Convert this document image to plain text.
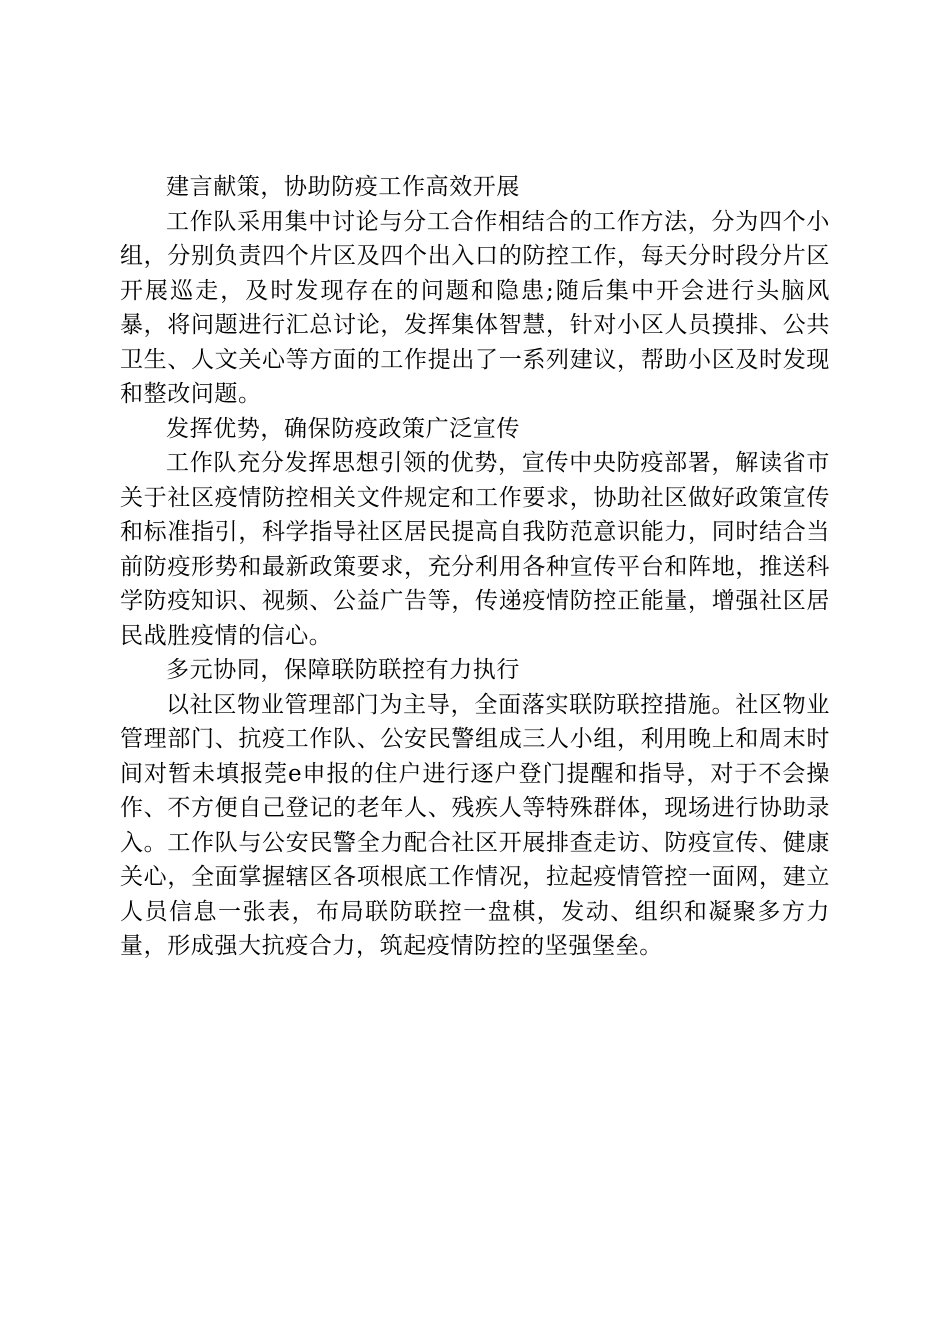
建言献策，协助防疫工作高效开展

工作队采用集中讨论与分工合作相结合的工作方法，分为四个小组，分别负责四个片区及四个出入口的防控工作，每天分时段分片区开展巡走，及时发现存在的问题和隐患;随后集中开会进行头脑风暴，将问题进行汇总讨论，发挥集体智慧，针对小区人员摸排、公共卫生、人文关心等方面的工作提出了一系列建议，帮助小区及时发现和整改问题。

发挥优势，确保防疫政策广泛宣传

工作队充分发挥思想引领的优势，宣传中央防疫部署，解读省市关于社区疫情防控相关文件规定和工作要求，协助社区做好政策宣传和标准指引，科学指导社区居民提高自我防范意识能力，同时结合当前防疫形势和最新政策要求，充分利用各种宣传平台和阵地，推送科学防疫知识、视频、公益广告等，传递疫情防控正能量，增强社区居民战胜疫情的信心。

多元协同，保障联防联控有力执行

以社区物业管理部门为主导，全面落实联防联控措施。社区物业管理部门、抗疫工作队、公安民警组成三人小组，利用晚上和周末时间对暂未填报莞e申报的住户进行逐户登门提醒和指导，对于不会操作、不方便自己登记的老年人、残疾人等特殊群体，现场进行协助录入。工作队与公安民警全力配合社区开展排查走访、防疫宣传、健康关心，全面掌握辖区各项根底工作情况，拉起疫情管控一面网，建立人员信息一张表，布局联防联控一盘棋，发动、组织和凝聚多方力量，形成强大抗疫合力，筑起疫情防控的坚强堡垒。
